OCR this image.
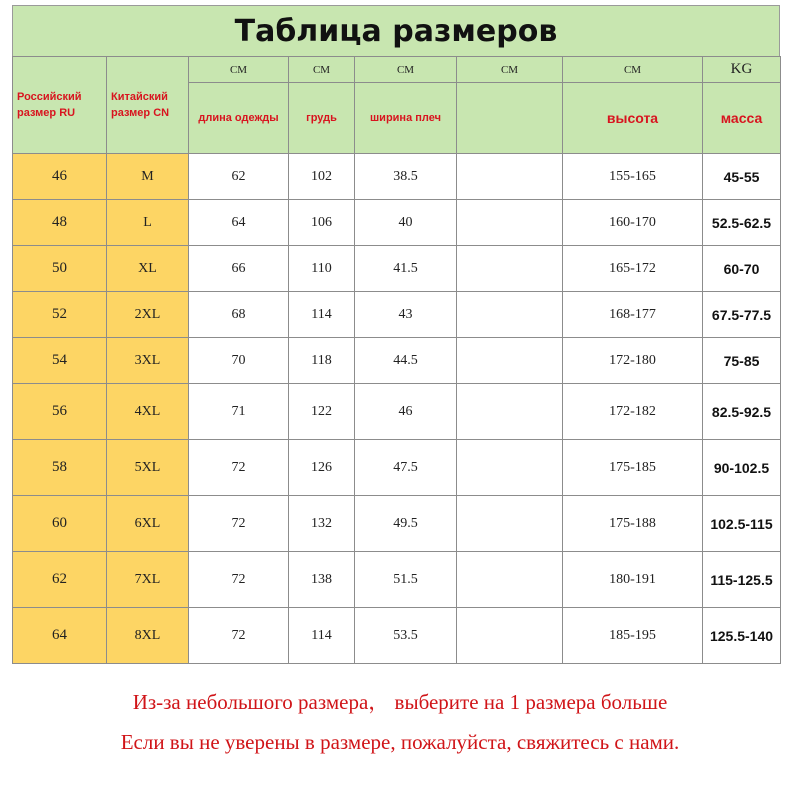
Таблица размеров
Российский размер RU	Китайский размер CN	CM	CM	CM	CM	CM	KG
		длина одежды	грудь	ширина плеч		высота	масса
46	M	62	102	38.5		155-165	45-55
48	L	64	106	40		160-170	52.5-62.5
50	XL	66	110	41.5		165-172	60-70
52	2XL	68	114	43		168-177	67.5-77.5
54	3XL	70	118	44.5		172-180	75-85
56	4XL	71	122	46		172-182	82.5-92.5
58	5XL	72	126	47.5		175-185	90-102.5
60	6XL	72	132	49.5		175-188	102.5-115
62	7XL	72	138	51.5		180-191	115-125.5
64	8XL	72	114	53.5		185-195	125.5-140
Из-за небольшого размера， выберите на 1 размера больше
Если вы не уверены в размере, пожалуйста, свяжитесь с нами.
